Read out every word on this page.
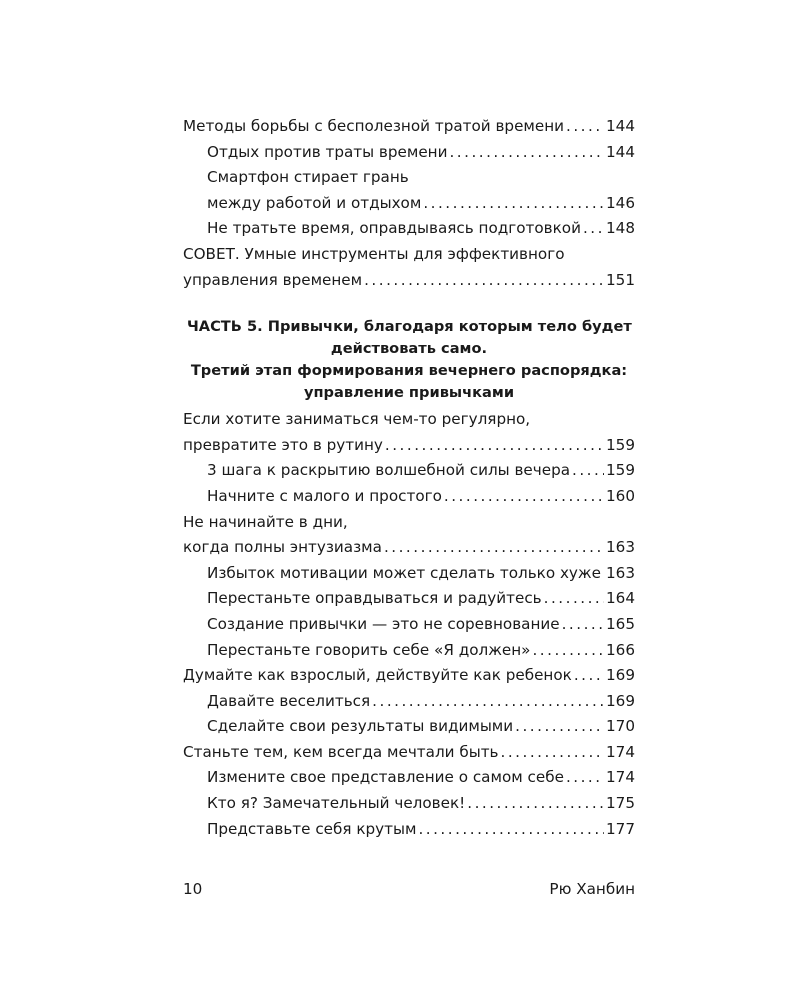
Методы борьбы с бесполезной тратой времени .....	144
Отдых против траты времени .....	144
Смартфон стирает грань
между работой и отдыхом .....	146
Не тратьте время, оправдываясь подготовкой ..... 148
СОВЕТ. Умные инструменты для эффективного
управления временем .....	151
ЧАСТЬ 5. Привычки, благодаря которым тело будет
действовать само.
Третий этап формирования вечернего распорядка:
управление привычками
Если хотите заниматься чем-то регулярно,
превратите это в рутину .....	159
3 шага к раскрытию волшебной силы вечера ..... 159
Начните с малого и простого .....	160
Не начинайте в дни,
когда полны энтузиазма .....	163
Избыток мотивации может сделать только хуже ..... 163
Перестаньте оправдываться и радуйтесь .....	164
Создание привычки — это не соревнование .....	165
Перестаньте говорить себе «Я должен» .....	166
Думайте как взрослый, действуйте как ребенок ..... 169
Давайте веселиться .....	169
Сделайте свои результаты видимыми .....	170
Станьте тем, кем всегда мечтали быть .....	174
Измените свое представление о самом себе .....	174
Кто я? Замечательный человек! .....	175
Представьте себя крутым .....	177
10	Рю Ханбин
